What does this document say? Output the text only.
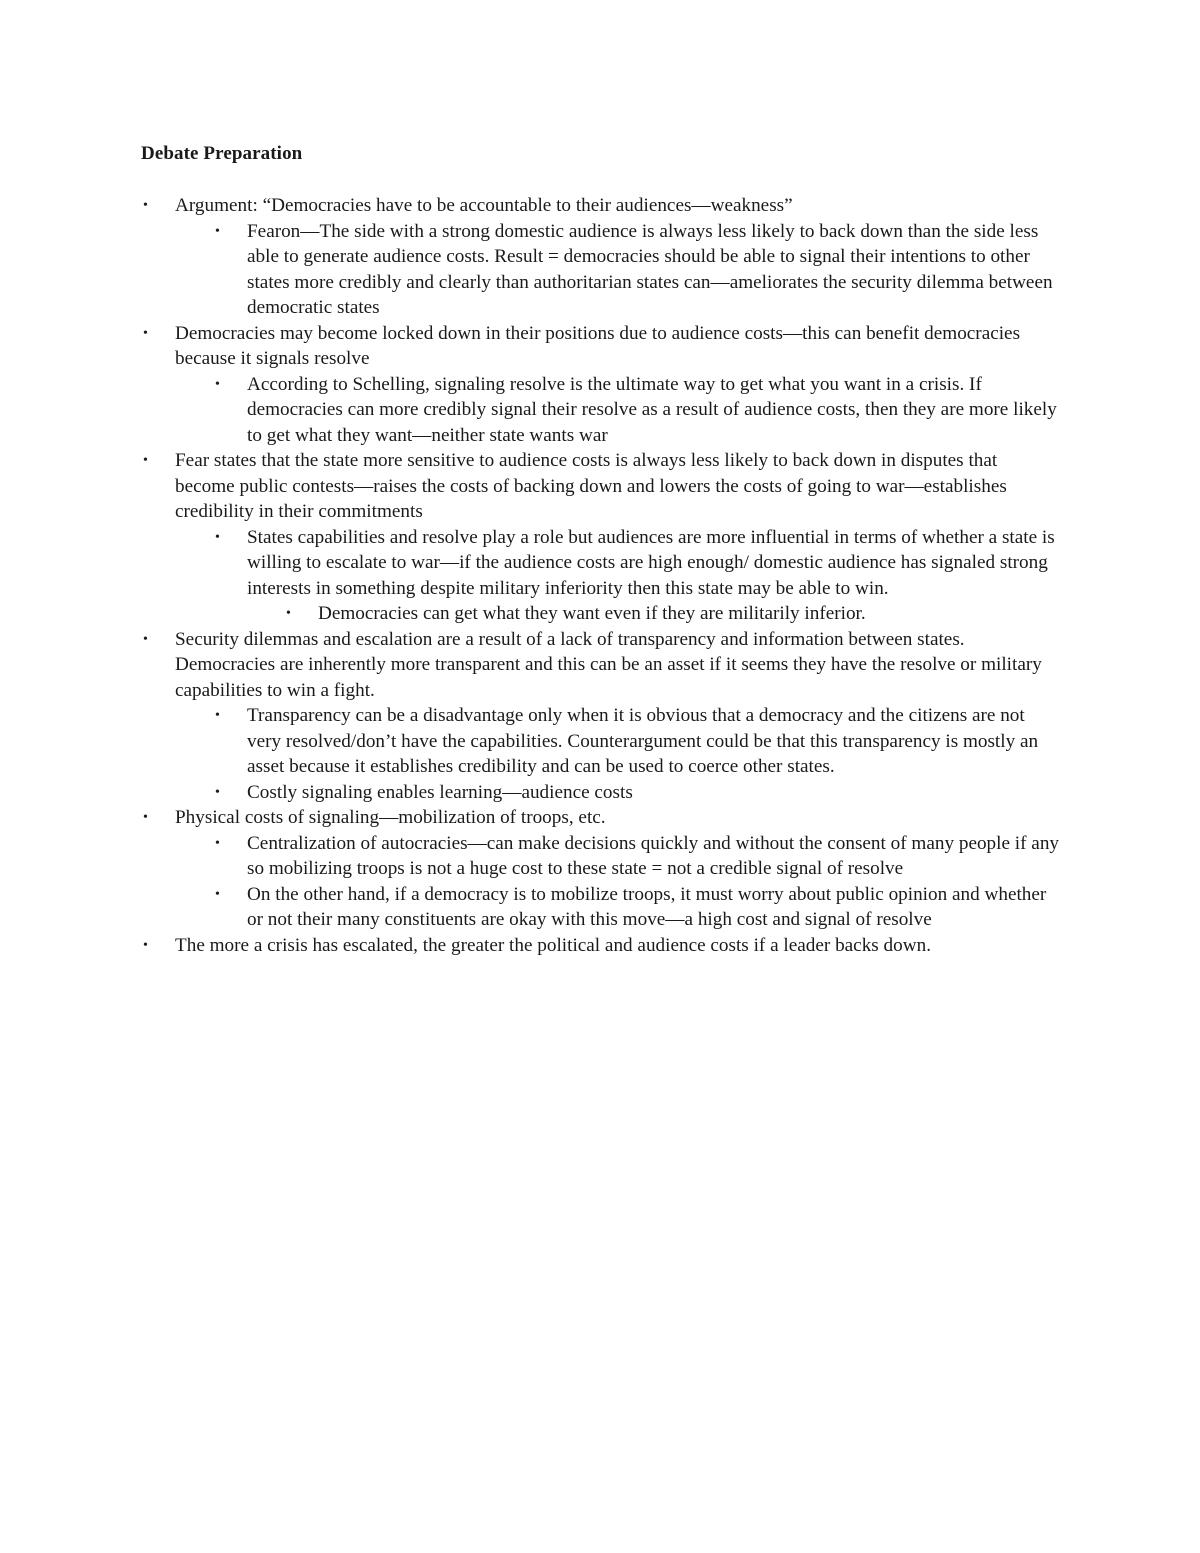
Debate Preparation
• Argument: “Democracies have to be accountable to their audiences—weakness”
• Fearon—The side with a strong domestic audience is always less likely to back down than the side less able to generate audience costs. Result = democracies should be able to signal their intentions to other states more credibly and clearly than authoritarian states can—ameliorates the security dilemma between democratic states
• Democracies may become locked down in their positions due to audience costs—this can benefit democracies because it signals resolve
• According to Schelling, signaling resolve is the ultimate way to get what you want in a crisis. If democracies can more credibly signal their resolve as a result of audience costs, then they are more likely to get what they want—neither state wants war
• Fear states that the state more sensitive to audience costs is always less likely to back down in disputes that become public contests—raises the costs of backing down and lowers the costs of going to war—establishes credibility in their commitments
• States capabilities and resolve play a role but audiences are more influential in terms of whether a state is willing to escalate to war—if the audience costs are high enough/ domestic audience has signaled strong interests in something despite military inferiority then this state may be able to win.
• Democracies can get what they want even if they are militarily inferior.
• Security dilemmas and escalation are a result of a lack of transparency and information between states. Democracies are inherently more transparent and this can be an asset if it seems they have the resolve or military capabilities to win a fight.
• Transparency can be a disadvantage only when it is obvious that a democracy and the citizens are not very resolved/don’t have the capabilities. Counterargument could be that this transparency is mostly an asset because it establishes credibility and can be used to coerce other states.
• Costly signaling enables learning—audience costs
• Physical costs of signaling—mobilization of troops, etc.
• Centralization of autocracies—can make decisions quickly and without the consent of many people if any so mobilizing troops is not a huge cost to these state = not a credible signal of resolve
• On the other hand, if a democracy is to mobilize troops, it must worry about public opinion and whether or not their many constituents are okay with this move—a high cost and signal of resolve
• The more a crisis has escalated, the greater the political and audience costs if a leader backs down.
